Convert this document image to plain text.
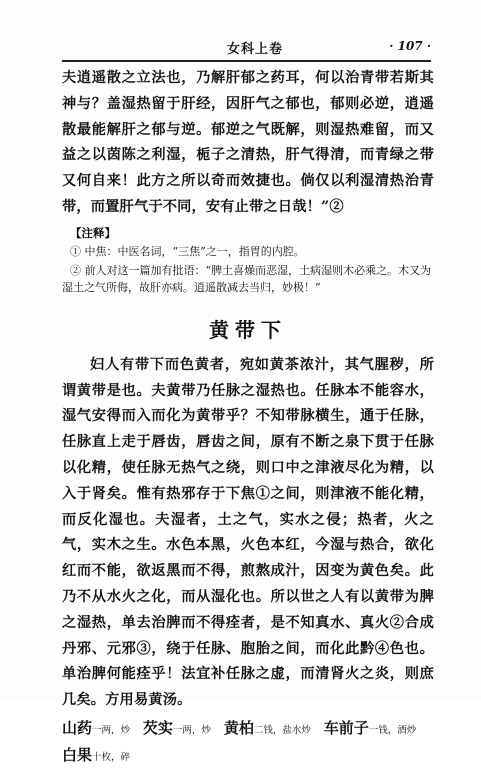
女科上卷	· 107 ·

夫逍遥散之立法也，乃解肝郁之药耳，何以治青带若斯其神与？盖湿热留于肝经，因肝气之郁也，郁则必逆，逍遥散最能解肝之郁与逆。郁逆之气既解，则湿热难留，而又益之以茵陈之利湿，栀子之清热，肝气得清，而青绿之带又何自来！此方之所以奇而效捷也。倘仅以利湿清热治青带，而置肝气于不同，安有止带之日哉！”②

【注释】

① 中焦：中医名词，“三焦”之一，指胃的内腔。

② 前人对这一篇加有批语：“脾土喜燥而恶湿，土病湿则木必乘之。木又为湿土之气所侮，故肝亦病。逍遥散减去当归，妙极！”

黄带下

妇人有带下而色黄者，宛如黄茶浓汁，其气腥秽，所谓黄带是也。夫黄带乃任脉之湿热也。任脉本不能容水，湿气安得而入而化为黄带乎？不知带脉横生，通于任脉，任脉直上走于唇齿，唇齿之间，原有不断之泉下贯于任脉以化精，使任脉无热气之绕，则口中之津液尽化为精，以入于肾矣。惟有热邪存于下焦①之间，则津液不能化精，而反化湿也。夫湿者，土之气，实水之侵；热者，火之气，实木之生。水色本黑，火色本红，今湿与热合，欲化红而不能，欲返黑而不得，煎熬成汁，因变为黄色矣。此乃不从水火之化，而从湿化也。所以世之人有以黄带为脾之湿热，单去治脾而不得痊者，是不知真水、真火②合成丹邪、元邪③，绕于任脉、胞胎之间，而化此黔④色也。单治脾何能痊乎！法宜补任脉之虚，而清肾火之炎，则庶几矣。方用易黄汤。

山药一两，炒 芡实一两，炒 黄柏二钱，盐水炒 车前子一钱，酒炒 白果十枚，碎
